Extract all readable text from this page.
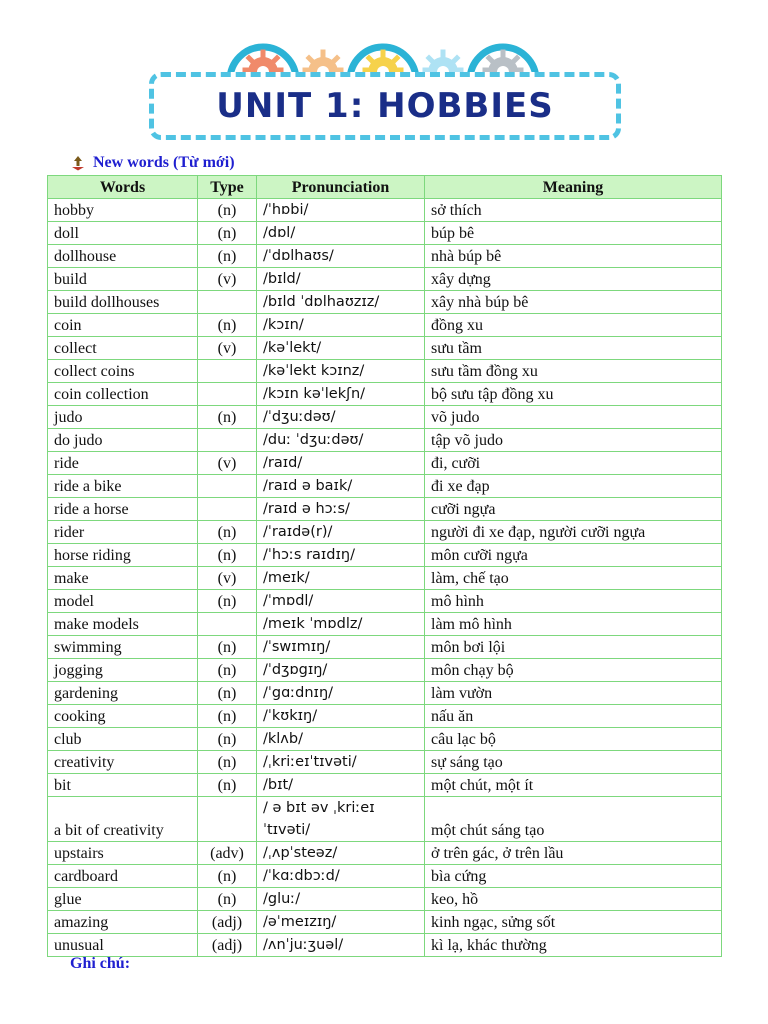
UNIT 1: HOBBIES
New words (Từ mới)
Words	Type	Pronunciation	Meaning
hobby	(n)	/ˈhɒbi/	sở thích
doll	(n)	/dɒl/	búp bê
dollhouse	(n)	/ˈdɒlhaʊs/	nhà búp bê
build	(v)	/bɪld/	xây dựng
build dollhouses		/bɪld ˈdɒlhaʊzɪz/	xây nhà búp bê
coin	(n)	/kɔɪn/	đồng xu
collect	(v)	/kəˈlekt/	sưu tầm
collect coins		/kəˈlekt kɔɪnz/	sưu tầm đồng xu
coin collection		/kɔɪn kəˈlekʃn/	bộ sưu tập đồng xu
judo	(n)	/ˈdʒuːdəʊ/	võ judo
do judo		/duː ˈdʒuːdəʊ/	tập võ judo
ride	(v)	/raɪd/	đi, cưỡi
ride a bike		/raɪd ə baɪk/	đi xe đạp
ride a horse		/raɪd ə hɔːs/	cưỡi ngựa
rider	(n)	/ˈraɪdə(r)/	người đi xe đạp, người cưỡi ngựa
horse riding	(n)	/ˈhɔːs raɪdɪŋ/	môn cưỡi ngựa
make	(v)	/meɪk/	làm, chế tạo
model	(n)	/ˈmɒdl/	mô hình
make models		/meɪk ˈmɒdlz/	làm mô hình
swimming	(n)	/ˈswɪmɪŋ/	môn bơi lội
jogging	(n)	/ˈdʒɒgɪŋ/	môn chạy bộ
gardening	(n)	/ˈgɑːdnɪŋ/	làm vườn
cooking	(n)	/ˈkʊkɪŋ/	nấu ăn
club	(n)	/klʌb/	câu lạc bộ
creativity	(n)	/ˌkriːeɪˈtɪvəti/	sự sáng tạo
bit	(n)	/bɪt/	một chút, một ít
a bit of creativity		/ ə bɪt əv ˌkriːeɪ ˈtɪvəti/	một chút sáng tạo
upstairs	(adv)	/ˌʌpˈsteəz/	ở trên gác, ở trên lầu
cardboard	(n)	/ˈkɑːdbɔːd/	bìa cứng
glue	(n)	/gluː/	keo, hồ
amazing	(adj)	/əˈmeɪzɪŋ/	kinh ngạc, sửng sốt
unusual	(adj)	/ʌnˈjuːʒuəl/	kì lạ, khác thường
Ghi chú:
